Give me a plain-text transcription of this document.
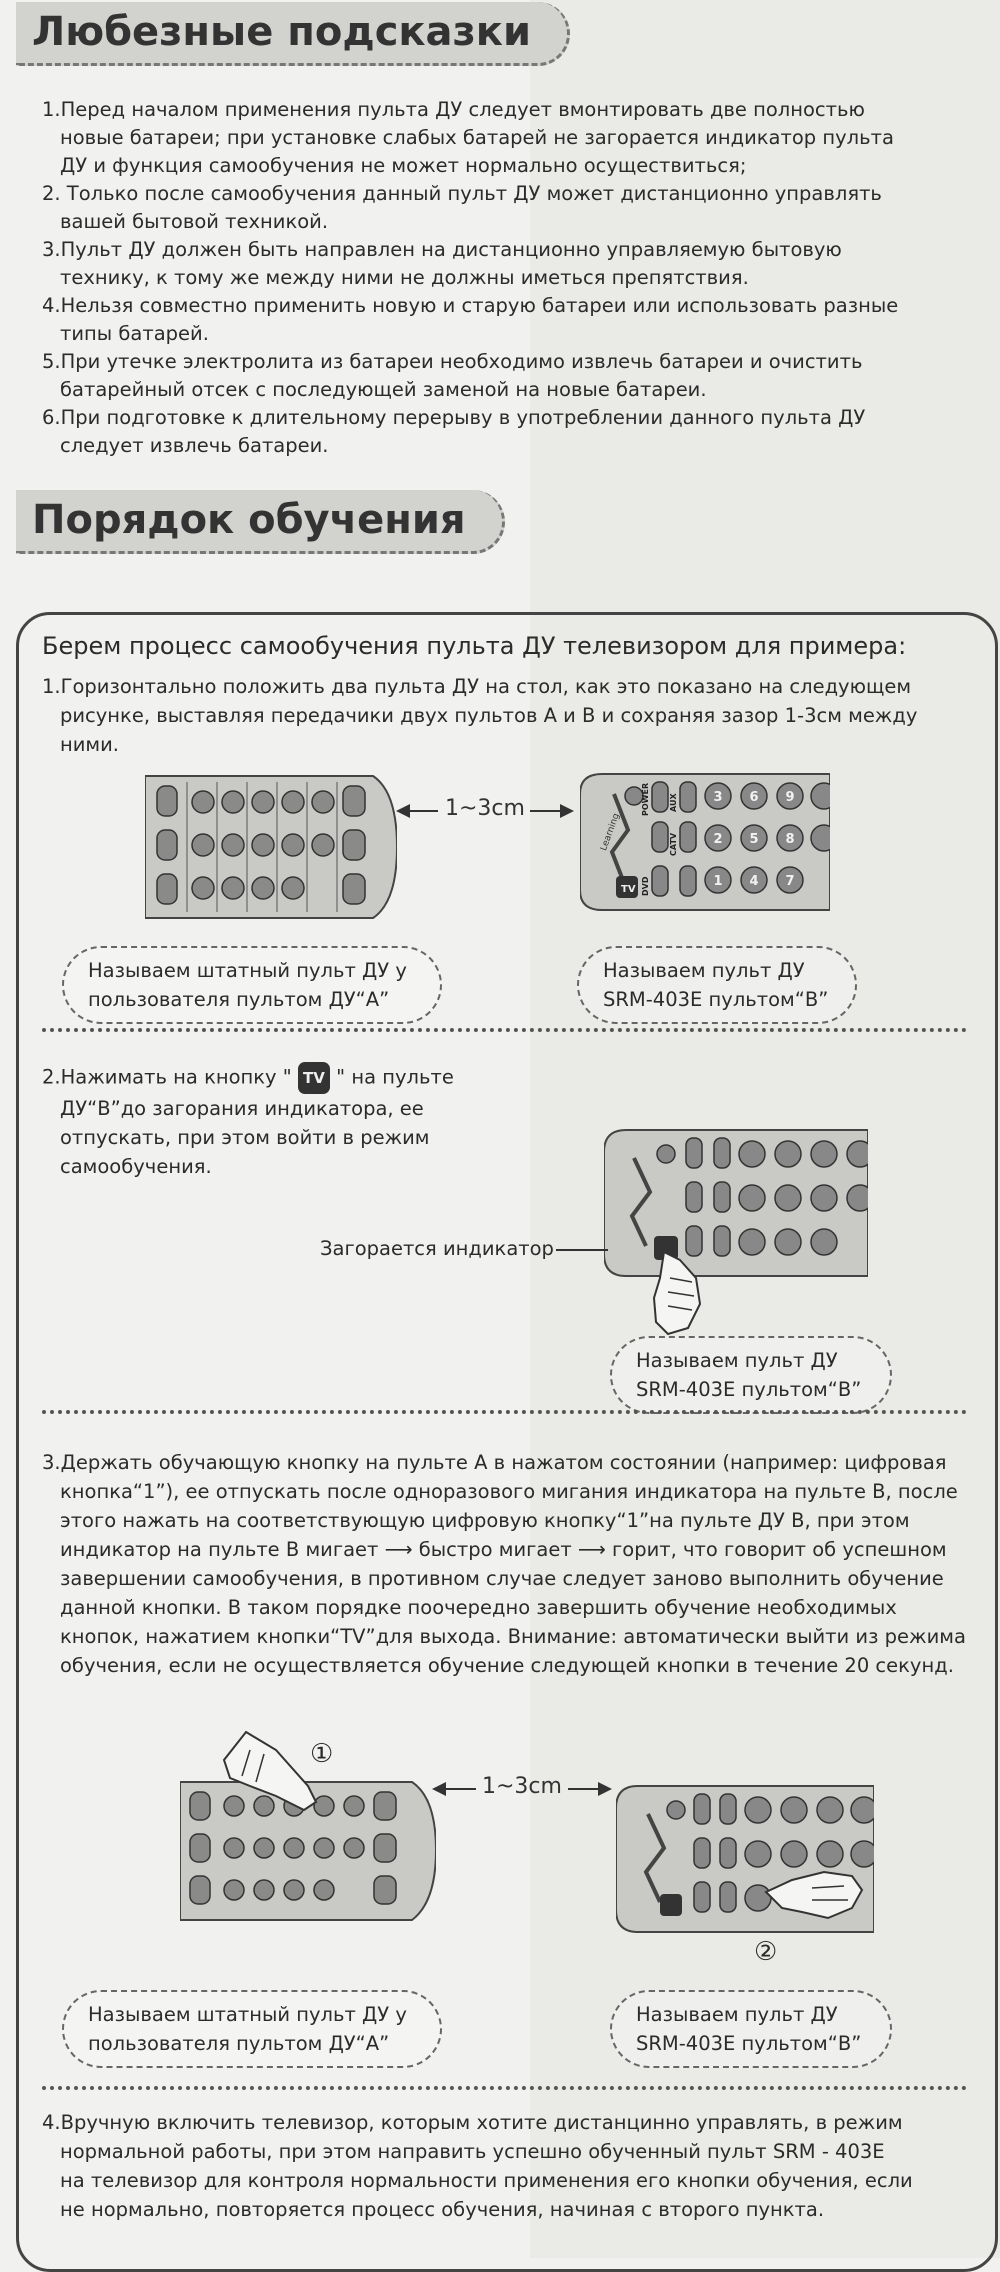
Любезные подсказки
1.Перед началом применения пульта ДУ следует вмонтировать две полностью
новые батареи; при установке слабых батарей не загорается индикатор пульта
ДУ и функция самообучения не может нормально осуществиться;
2. Только после самообучения данный пульт ДУ может дистанционно управлять
вашей бытовой техникой.
3.Пульт ДУ должен быть направлен на дистанционно управляемую бытовую
технику, к тому же между ними не должны иметься препятствия.
4.Нельзя совместно применить новую и старую батареи или использовать разные
типы батарей.
5.При утечке электролита из батареи необходимо извлечь батареи и очистить
батарейный отсек с последующей заменой на новые батареи.
6.При подготовке к длительному перерыву в употреблении данного пульта ДУ
следует извлечь батареи.
Порядок обучения
Берем процесс самообучения пульта ДУ телевизором для примера:
1.Горизонтально положить два пульта ДУ на стол, как это показано на следующем
рисунке, выставляя передачики двух пультов А и В и сохраняя зазор 1-3см между
ними.
1~3cm
Learning
TV
3 6 9
2 5 8
1 4 7
POWER AUX
CATV
DVD
Называем штатный пульт ДУ у
пользователя пультом ДУ“А”
Называем пульт ДУ
SRM-403E пультом“В”
2.Нажимать на кнопку " TV " на пульте
ДУ“В”до загорания индикатора, ее
отпускать, при этом войти в режим
самообучения.
Загорается индикатор
Называем пульт ДУ
SRM-403E пультом“В”
3.Держать обучающую кнопку на пульте А в нажатом состоянии (например: цифровая
кнопка“1”), ее отпускать после одноразового мигания индикатора на пульте В, после
этого нажать на соответствующую цифровую кнопку“1”на пульте ДУ В, при этом
индикатор на пульте В мигает ⟶ быстро мигает ⟶ горит, что говорит об успешном
завершении самообучения, в противном случае следует заново выполнить обучение
данной кнопки. В таком порядке поочередно завершить обучение необходимых
кнопок, нажатием кнопки“TV”для выхода. Внимание: автоматически выйти из режима
обучения, если не осуществляется обучение следующей кнопки в течение 20 секунд.
①
1~3cm
②
Называем штатный пульт ДУ у
пользователя пультом ДУ“А”
Называем пульт ДУ
SRM-403E пультом“В”
4.Вручную включить телевизор, которым хотите дистанцинно управлять, в режим
нормальной работы, при этом направить успешно обученный пульт SRM - 403E
на телевизор для контроля нормальности применения его кнопки обучения, если
не нормально, повторяется процесс обучения, начиная с второго пункта.
